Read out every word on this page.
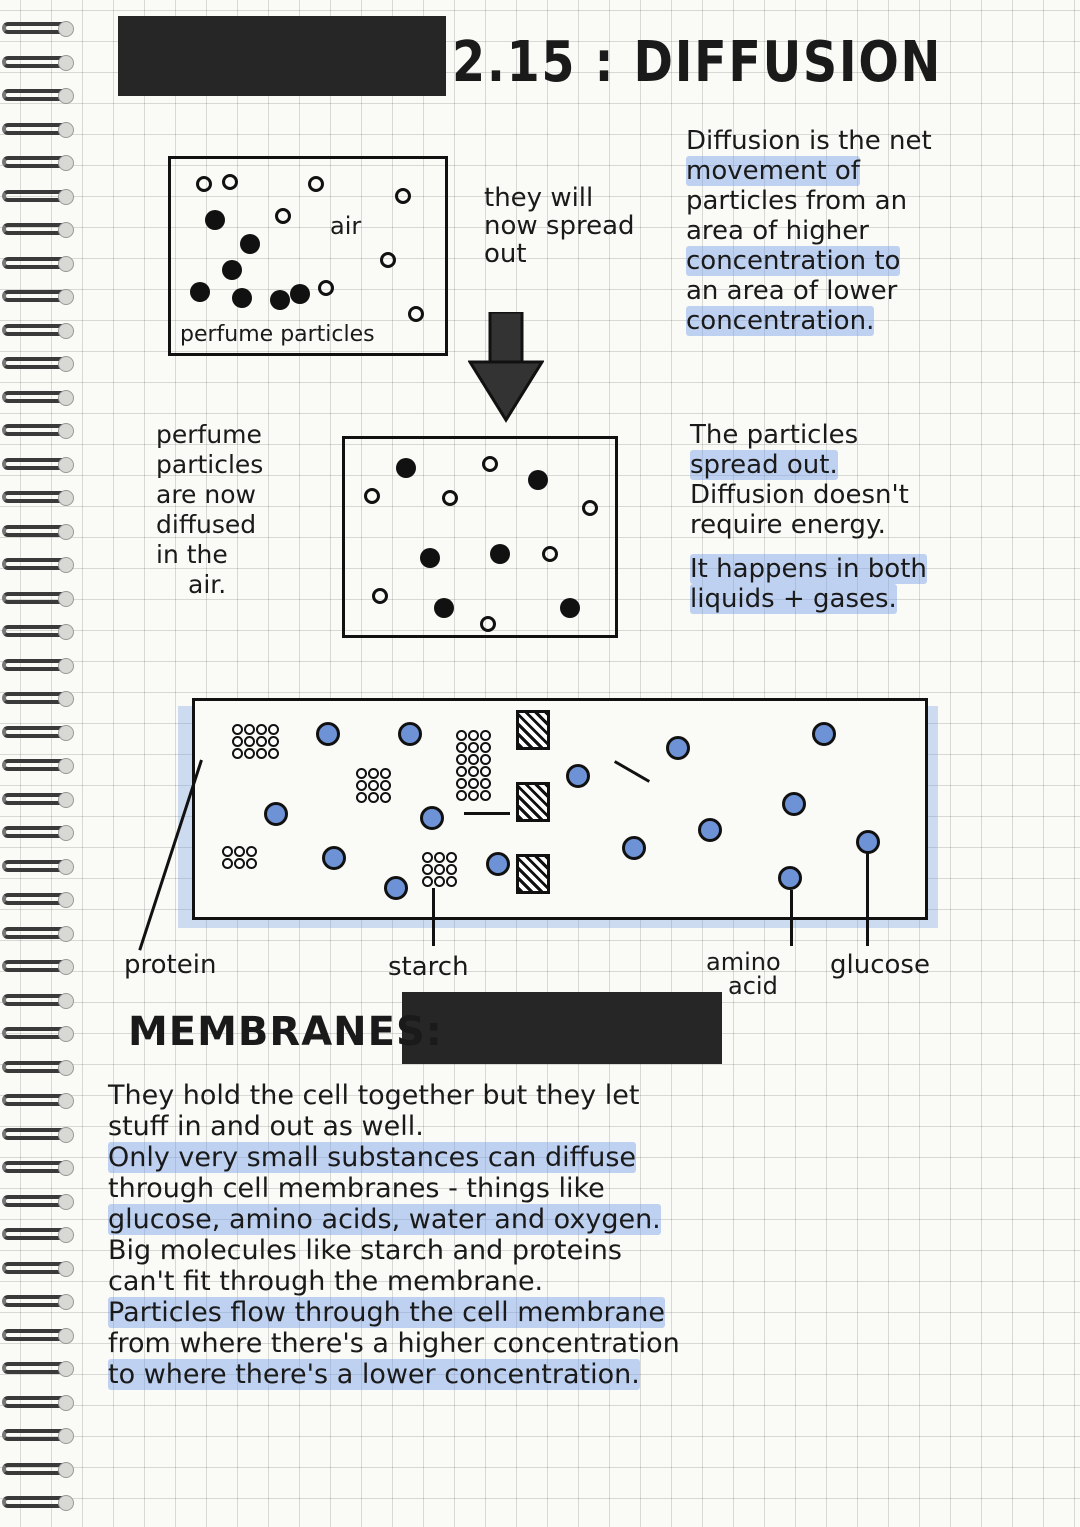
2.15 : DIFFUSION
air
perfume particles
they will
now spread
out
Diffusion is the net
movement of
particles from an
area of higher
concentration to
an area of lower
concentration.
perfume
particles
are now
diffused
in the
air.
The particles
spread out.
Diffusion doesn't
require energy.
It happens in both
liquids + gases.
protein	starch	amino
acid
glucose
MEMBRANES:
They hold the cell together but they let
stuff in and out as well.
Only very small substances can diffuse
through cell membranes - things like
glucose, amino acids, water and oxygen.
Big molecules like starch and proteins
can't fit through the membrane.
Particles flow through the cell membrane
from where there's a higher concentration
to where there's a lower concentration.
